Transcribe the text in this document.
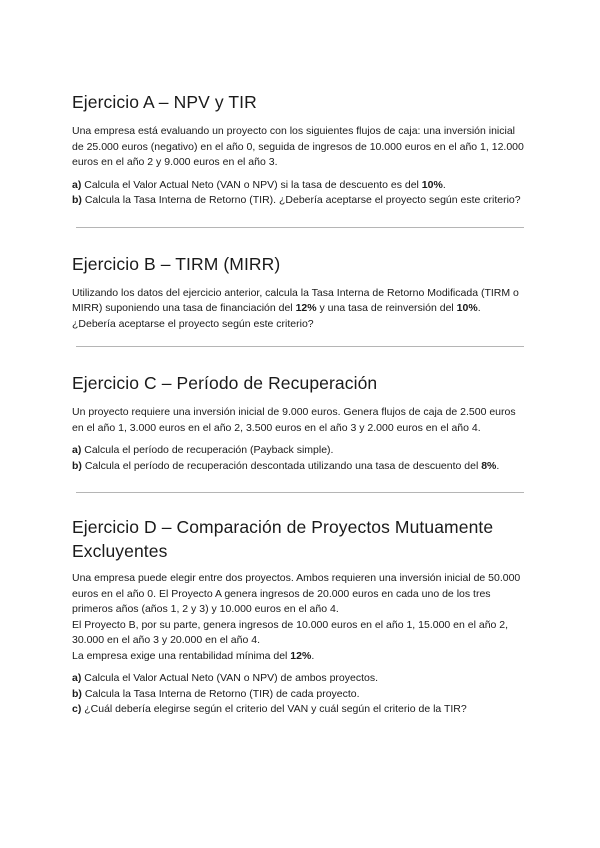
Ejercicio A – NPV y TIR

Una empresa está evaluando un proyecto con los siguientes flujos de caja: una inversión inicial de 25.000 euros (negativo) en el año 0, seguida de ingresos de 10.000 euros en el año 1, 12.000 euros en el año 2 y 9.000 euros en el año 3.

a) Calcula el Valor Actual Neto (VAN o NPV) si la tasa de descuento es del 10%.

b) Calcula la Tasa Interna de Retorno (TIR). ¿Debería aceptarse el proyecto según este criterio?

Ejercicio B – TIRM (MIRR)

Utilizando los datos del ejercicio anterior, calcula la Tasa Interna de Retorno Modificada (TIRM o MIRR) suponiendo una tasa de financiación del 12% y una tasa de reinversión del 10%.

¿Debería aceptarse el proyecto según este criterio?

Ejercicio C – Período de Recuperación

Un proyecto requiere una inversión inicial de 9.000 euros. Genera flujos de caja de 2.500 euros en el año 1, 3.000 euros en el año 2, 3.500 euros en el año 3 y 2.000 euros en el año 4.

a) Calcula el período de recuperación (Payback simple).

b) Calcula el período de recuperación descontada utilizando una tasa de descuento del 8%.

Ejercicio D – Comparación de Proyectos Mutuamente Excluyentes

Una empresa puede elegir entre dos proyectos. Ambos requieren una inversión inicial de 50.000 euros en el año 0. El Proyecto A genera ingresos de 20.000 euros en cada uno de los tres primeros años (años 1, 2 y 3) y 10.000 euros en el año 4.

El Proyecto B, por su parte, genera ingresos de 10.000 euros en el año 1, 15.000 en el año 2, 30.000 en el año 3 y 20.000 en el año 4.

La empresa exige una rentabilidad mínima del 12%.

a) Calcula el Valor Actual Neto (VAN o NPV) de ambos proyectos.

b) Calcula la Tasa Interna de Retorno (TIR) de cada proyecto.

c) ¿Cuál debería elegirse según el criterio del VAN y cuál según el criterio de la TIR?
